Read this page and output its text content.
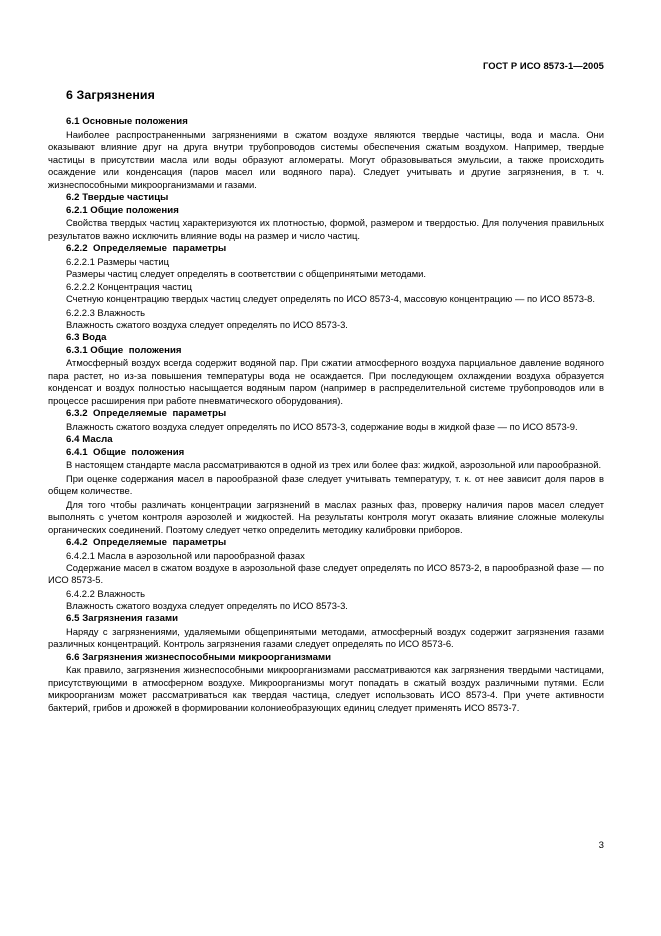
ГОСТ Р ИСО 8573-1—2005
6 Загрязнения
6.1 Основные положения

Наиболее распространенными загрязнениями в сжатом воздухе являются твердые частицы, вода и масла. Они оказывают влияние друг на друга внутри трубопроводов системы обеспечения сжатым воздухом. Например, твердые частицы в присутствии масла или воды образуют агломераты. Могут образовываться эмульсии, а также происходить осаждение или конденсация (паров масел или водяного пара). Следует учитывать и другие загрязнения, в т. ч. жизнеспособными микроорганизмами и газами.

6.2 Твердые частицы
6.2.1 Общие положения

Свойства твердых частиц характеризуются их плотностью, формой, размером и твердостью. Для получения правильных результатов важно исключить влияние воды на размер и число частиц.

6.2.2  Определяемые  параметры
6.2.2.1 Размеры частиц

Размеры частиц следует определять в соответствии с общепринятыми методами.

6.2.2.2 Концентрация частиц

Счетную концентрацию твердых частиц следует определять по ИСО 8573-4, массовую концентрацию — по ИСО 8573-8.

6.2.2.3 Влажность

Влажность сжатого воздуха следует определять по ИСО 8573-3.

6.3 Вода
6.3.1 Общие  положения

Атмосферный воздух всегда содержит водяной пар. При сжатии атмосферного воздуха парциальное давление водяного пара растет, но из-за повышения температуры вода не осаждается. При последующем охлаждении воздуха образуется конденсат и воздух полностью насыщается водяным паром (например в распределительной системе трубопроводов или в процессе расширения при работе пневматического оборудования).

6.3.2  Определяемые  параметры

Влажность сжатого воздуха следует определять по ИСО 8573-3, содержание воды в жидкой фазе — по ИСО 8573-9.

6.4 Масла
6.4.1  Общие  положения

В настоящем стандарте масла рассматриваются в одной из трех или более фаз: жидкой, аэрозольной или парообразной.

При оценке содержания масел в парообразной фазе следует учитывать температуру, т. к. от нее зависит доля паров в общем количестве.

Для того чтобы различать концентрации загрязнений в маслах разных фаз, проверку наличия паров масел следует выполнять с учетом контроля аэрозолей и жидкостей. На результаты контроля могут оказать влияние сложные молекулы органических соединений. Поэтому следует четко определить методику калибровки приборов.

6.4.2  Определяемые  параметры
6.4.2.1 Масла в аэрозольной или парообразной фазах

Содержание масел в сжатом воздухе в аэрозольной фазе следует определять по ИСО 8573-2, в парообразной фазе — по ИСО 8573-5.

6.4.2.2 Влажность

Влажность сжатого воздуха следует определять по ИСО 8573-3.

6.5 Загрязнения газами

Наряду с загрязнениями, удаляемыми общепринятыми методами, атмосферный воздух содержит загрязнения газами различных концентраций. Контроль загрязнения газами следует определять по ИСО 8573-6.

6.6 Загрязнения жизнеспособными микроорганизмами

Как правило, загрязнения жизнеспособными микроорганизмами рассматриваются как загрязнения твердыми частицами, присутствующими в атмосферном воздухе. Микроорганизмы могут попадать в сжатый воздух различными путями. Если микроорганизм может рассматриваться как твердая частица, следует использовать ИСО 8573-4. При учете активности бактерий, грибов и дрожжей в формировании колониеобразующих единиц следует применять ИСО 8573-7.

3
